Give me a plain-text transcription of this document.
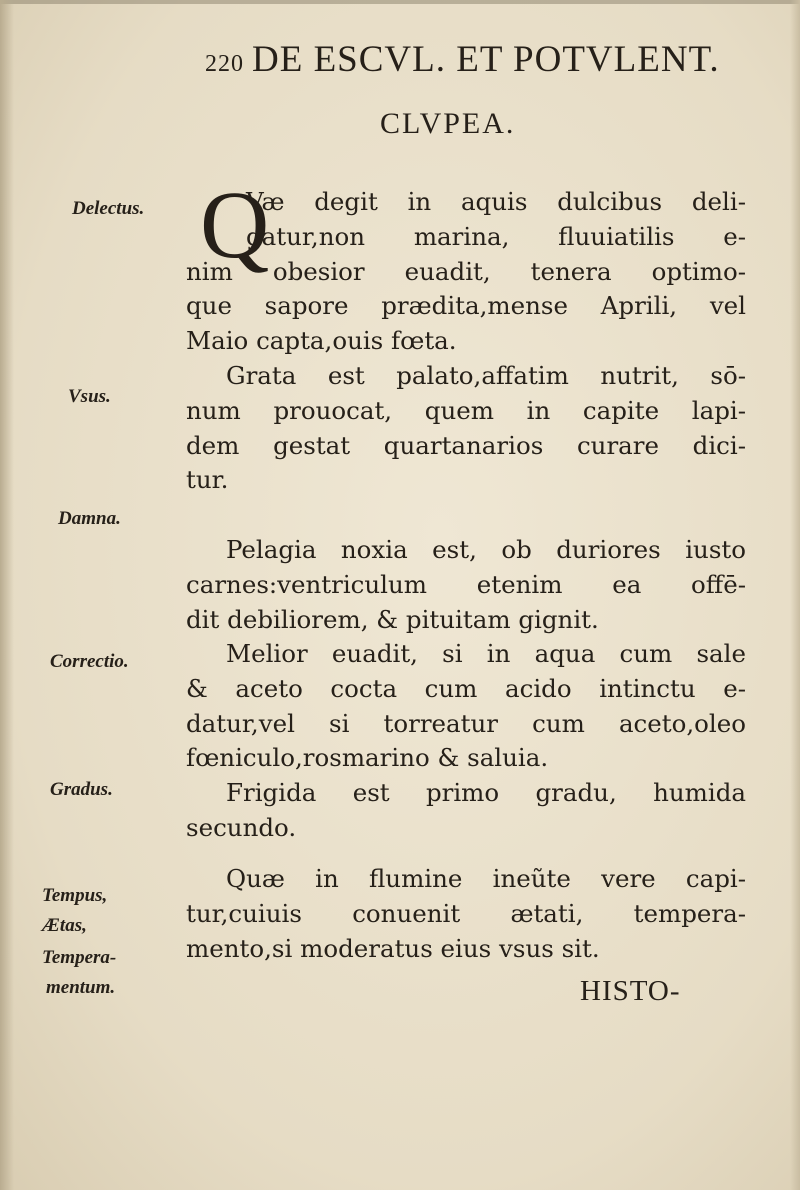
220 DE ESCVL. ET POTVLENT.
CLVPEA.
Delectus.
Vsus.
Damna.
Correctio.
Gradus.
Tempus,
Ætas,
Tempera-
mentum.
Q
Væ degit in aquis dulcibus deli-
gatur,non marina, fluuiatilis e-
nim obesior euadit, tenera optimo-
que sapore prædita,mense Aprili, vel
Maio capta,ouis fœta.
Grata est palato,affatim nutrit, sō-
num prouocat, quem in capite lapi-
dem gestat quartanarios curare dici-
tur.
Pelagia noxia est, ob duriores iusto
carnes:ventriculum etenim ea offē-
dit debiliorem, & pituitam gignit.
Melior euadit, si in aqua cum sale
& aceto cocta cum acido intinctu e-
datur,vel si torreatur cum aceto,oleo
fœniculo,rosmarino & saluia.
Frigida est primo gradu, humida
secundo.
Quæ in flumine ineũte vere capi-
tur,cuiuis conuenit ætati, tempera-
mento,si moderatus eius vsus sit.
HISTO-
